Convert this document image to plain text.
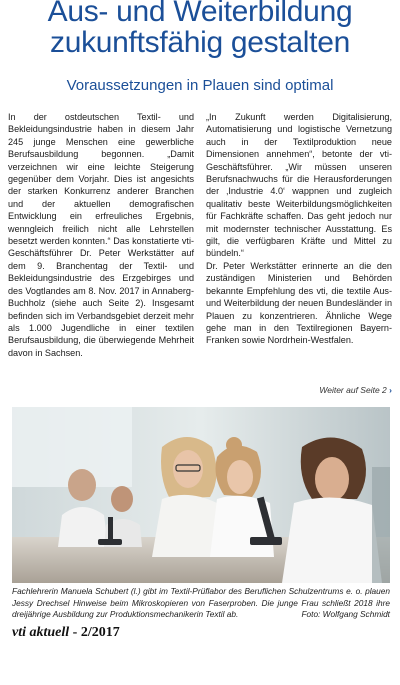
Aus- und Weiterbildung
zukunftsfähig gestalten
Voraussetzungen in Plauen sind optimal

In der ostdeutschen Textil- und Bekleidungsindustrie haben in diesem Jahr 245 junge Menschen eine gewerbliche Berufsausbildung begonnen. „Damit verzeichnen wir eine leichte Steigerung gegenüber dem Vorjahr. Dies ist angesichts der starken Konkurrenz anderer Branchen und der aktuellen demografischen Entwicklung ein erfreuliches Ergebnis, wenngleich freilich nicht alle Lehrstellen besetzt werden konnten.“ Das konstatierte vti-Geschäftsführer Dr. Peter Werkstätter auf dem 9. Branchentag der Textil- und Bekleidungsindustrie des Erzgebirges und des Vogtlandes am 8. Nov. 2017 in Annaberg-Buchholz (siehe auch Seite 2). Insgesamt befinden sich im Verbandsgebiet derzeit mehr als 1.000 Jugendliche in einer textilen Berufsausbildung, die überwiegende Mehrheit davon in Sachsen.

„In Zukunft werden Digitalisierung, Automatisierung und logistische Vernetzung auch in der Textilproduktion neue Dimensionen annehmen“, betonte der vti-Geschäftsführer. „Wir müssen unseren Berufsnachwuchs für die Herausforderungen der ‚Industrie 4.0‘ wappnen und zugleich qualitativ beste Weiterbildungsmöglichkeiten für Fachkräfte schaffen. Das geht jedoch nur mit modernster technischer Ausstattung. Es gilt, die verfügbaren Kräfte und Mittel zu bündeln.“

Dr. Peter Werkstätter erinnerte an die den zuständigen Ministerien und Behörden bekannte Empfehlung des vti, die textile Aus- und Weiterbildung der neuen Bundesländer in Plauen zu konzentrieren. Ähnliche Wege gehe man in den Textilregionen Bayern-Franken sowie Nordrhein-Westfalen.

Weiter auf Seite 2 ›
Fachlehrerin Manuela Schubert (l.) gibt im Textil-Prüflabor des Beruflichen Schulzentrums e. o. plauen Jessy Drechsel Hinweise beim Mikroskopieren von Faserproben. Die junge Frau schließt 2018 ihre dreijährige Ausbildung zur Produktionsmechanikerin Textil ab.	Foto: Wolfgang Schmidt
vti aktuell - 2/2017
